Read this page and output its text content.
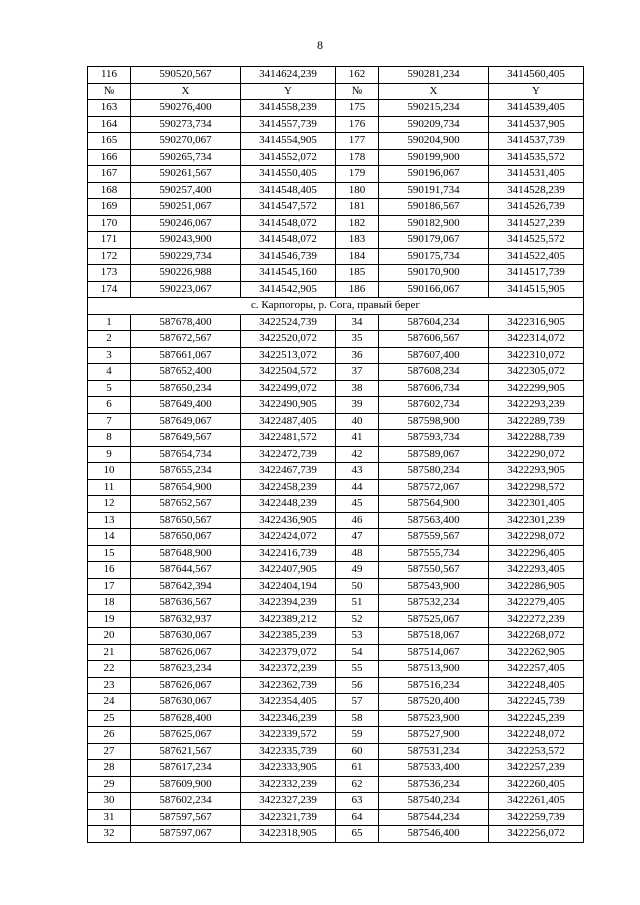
8
116	590520,567	3414624,239	162	590281,234	3414560,405
№	X	Y	№	X	Y
163	590276,400	3414558,239	175	590215,234	3414539,405
164	590273,734	3414557,739	176	590209,734	3414537,905
165	590270,067	3414554,905	177	590204,900	3414537,739
166	590265,734	3414552,072	178	590199,900	3414535,572
167	590261,567	3414550,405	179	590196,067	3414531,405
168	590257,400	3414548,405	180	590191,734	3414528,239
169	590251,067	3414547,572	181	590186,567	3414526,739
170	590246,067	3414548,072	182	590182,900	3414527,239
171	590243,900	3414548,072	183	590179,067	3414525,572
172	590229,734	3414546,739	184	590175,734	3414522,405
173	590226,988	3414545,160	185	590170,900	3414517,739
174	590223,067	3414542,905	186	590166,067	3414515,905
с. Карпогоры, р. Сога, правый берег					
1	587678,400	3422524,739	34	587604,234	3422316,905
2	587672,567	3422520,072	35	587606,567	3422314,072
3	587661,067	3422513,072	36	587607,400	3422310,072
4	587652,400	3422504,572	37	587608,234	3422305,072
5	587650,234	3422499,072	38	587606,734	3422299,905
6	587649,400	3422490,905	39	587602,734	3422293,239
7	587649,067	3422487,405	40	587598,900	3422289,739
8	587649,567	3422481,572	41	587593,734	3422288,739
9	587654,734	3422472,739	42	587589,067	3422290,072
10	587655,234	3422467,739	43	587580,234	3422293,905
11	587654,900	3422458,239	44	587572,067	3422298,572
12	587652,567	3422448,239	45	587564,900	3422301,405
13	587650,567	3422436,905	46	587563,400	3422301,239
14	587650,067	3422424,072	47	587559,567	3422298,072
15	587648,900	3422416,739	48	587555,734	3422296,405
16	587644,567	3422407,905	49	587550,567	3422293,405
17	587642,394	3422404,194	50	587543,900	3422286,905
18	587636,567	3422394,239	51	587532,234	3422279,405
19	587632,937	3422389,212	52	587525,067	3422272,239
20	587630,067	3422385,239	53	587518,067	3422268,072
21	587626,067	3422379,072	54	587514,067	3422262,905
22	587623,234	3422372,239	55	587513,900	3422257,405
23	587626,067	3422362,739	56	587516,234	3422248,405
24	587630,067	3422354,405	57	587520,400	3422245,739
25	587628,400	3422346,239	58	587523,900	3422245,239
26	587625,067	3422339,572	59	587527,900	3422248,072
27	587621,567	3422335,739	60	587531,234	3422253,572
28	587617,234	3422333,905	61	587533,400	3422257,239
29	587609,900	3422332,239	62	587536,234	3422260,405
30	587602,234	3422327,239	63	587540,234	3422261,405
31	587597,567	3422321,739	64	587544,234	3422259,739
32	587597,067	3422318,905	65	587546,400	3422256,072
